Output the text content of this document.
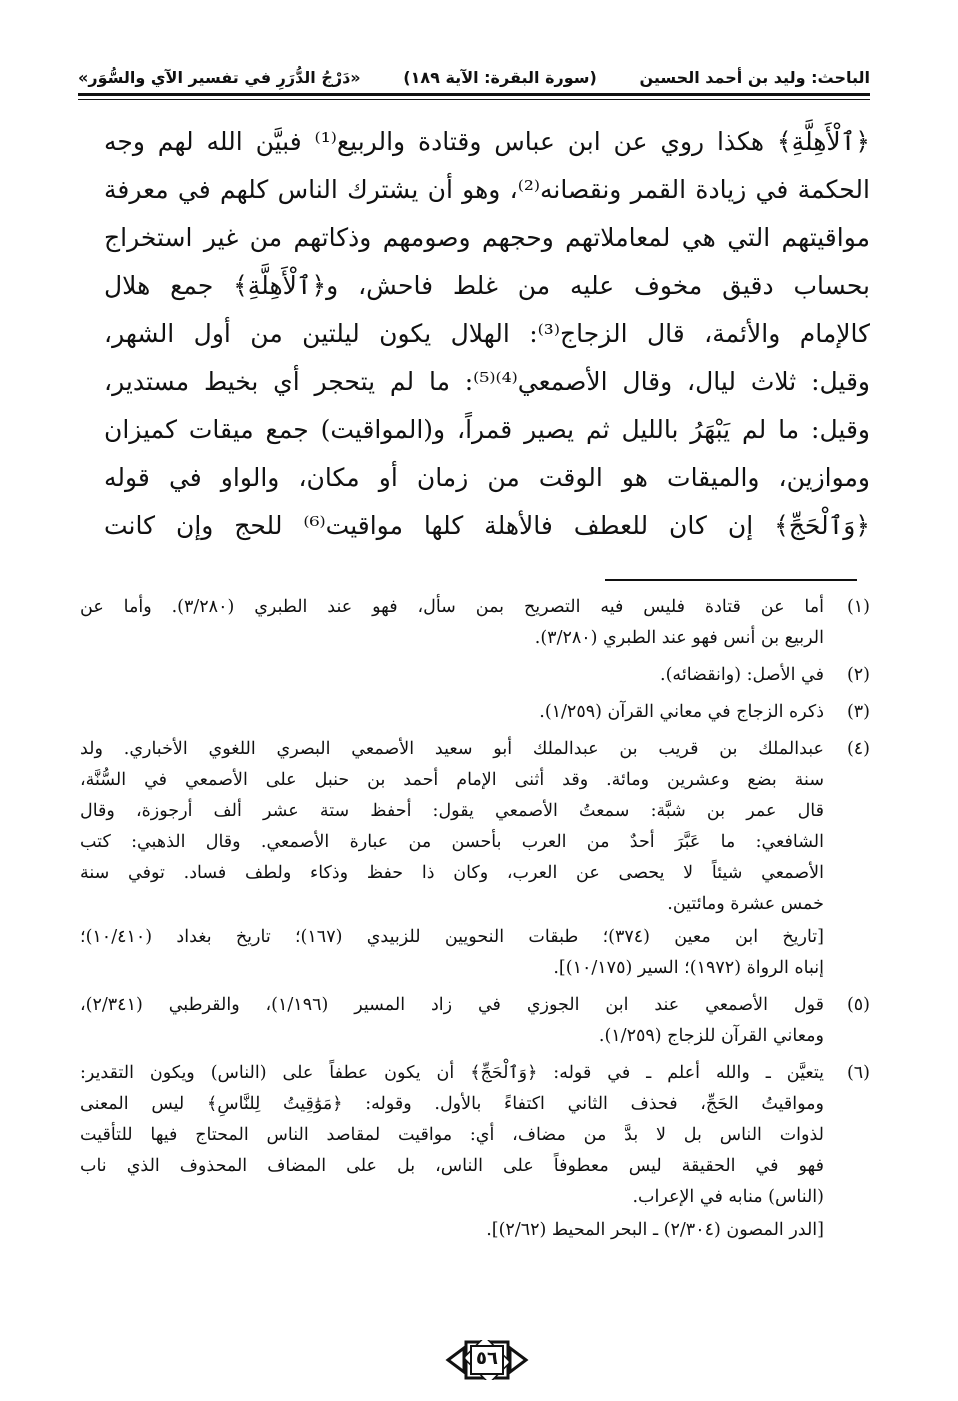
الباحث: وليد بن أحمد الحسين
(سورة البقرة: الآية ١٨٩)
«دَرْجُ الدُّرَرِ في تفسير الآي والسُّوَر»

﴿ٱلْأَهِلَّةِ﴾ هكذا روي عن ابن عباس وقتادة والربيع⁽¹⁾ فبيَّن الله لهم وجه

الحكمة في زيادة القمر ونقصانه⁽²⁾، وهو أن يشترك الناس كلهم في معرفة

مواقيتهم التي هي لمعاملاتهم وحجهم وصومهم وذكاتهم من غير استخراج

بحساب دقيق مخوف عليه من غلط فاحش، و﴿ٱلْأَهِلَّةِ﴾ جمع هلال

كالإمام والأئمة، قال الزجاج⁽³⁾: الهلال يكون ليلتين من أول الشهر،

وقيل: ثلاث ليال، وقال الأصمعي⁽⁴⁾⁽⁵⁾: ما لم يتحجر أي بخيط مستدير،

وقيل: ما لم يَبْهَرُ بالليل ثم يصير قمراً، و(المواقيت) جمع ميقات كميزان

وموازين، والميقات هو الوقت من زمان أو مكان، والواو في قوله

﴿وَٱلْحَجِّ﴾ إن كان للعطف فالأهلة كلها مواقيت⁽⁶⁾ للحج وإن كانت

(١)
أما عن قتادة فليس فيه التصريح بمن سأل، فهو عند الطبري (٣/٢٨٠). وأما عن
الربيع بن أنس فهو عند الطبري (٣/٢٨٠).
(٢)
في الأصل: (وانقضائه).
(٣)
ذكره الزجاج في معاني القرآن (١/٢٥٩).
(٤)
عبدالملك بن قريب بن عبدالملك أبو سعيد الأصمعي البصري اللغوي الأخباري. ولد
سنة بضع وعشرين ومائة. وقد أثنى الإمام أحمد بن حنبل على الأصمعي في السُّنَّة،
قال عمر بن شبَّة: سمعتُ الأصمعي يقول: أحفظ ستة عشر ألف أرجوزة، وقال
الشافعي: ما عَبَّرَ أحدٌ من العرب بأحسن من عبارة الأصمعي. وقال الذهبي: كتب
الأصمعي شيئاً لا يحصى عن العرب، وكان ذا حفظ وذكاء ولطف فساد. توفي سنة
خمس عشرة ومائتين.
[تاريخ ابن معين (٣٧٤)؛ طبقات النحويين للزبيدي (١٦٧)؛ تاريخ بغداد (١٠/٤١٠)؛
إنباه الرواة (١٩٧٢)؛ السير (١٠/١٧٥)].
(٥)
قول الأصمعي عند ابن الجوزي في زاد المسير (١/١٩٦)، والقرطبي (٢/٣٤١)،
ومعاني القرآن للزجاج (١/٢٥٩).
(٦)
يتعيَّن ـ والله أعلم ـ في قوله: ﴿وَٱلْحَجِّ﴾ أن يكون عطفاً على (الناس) ويكون التقدير:
ومواقيتُ الحَجِّ، فحذف الثاني اكتفاءً بالأول. وقوله: ﴿مَوَٰقِيتُ لِلنَّاسِ﴾ ليس المعنى
لذوات الناس بل لا بدَّ من مضاف، أي: مواقيت لمقاصد الناس المحتاج فيها للتأقيت
فهو في الحقيقة ليس معطوفاً على الناس، بل على المضاف المحذوف الذي ناب
(الناس) منابه في الإعراب.
[الدر المصون (٢/٣٠٤) ـ البحر المحيط (٢/٦٢)].
٥٦
